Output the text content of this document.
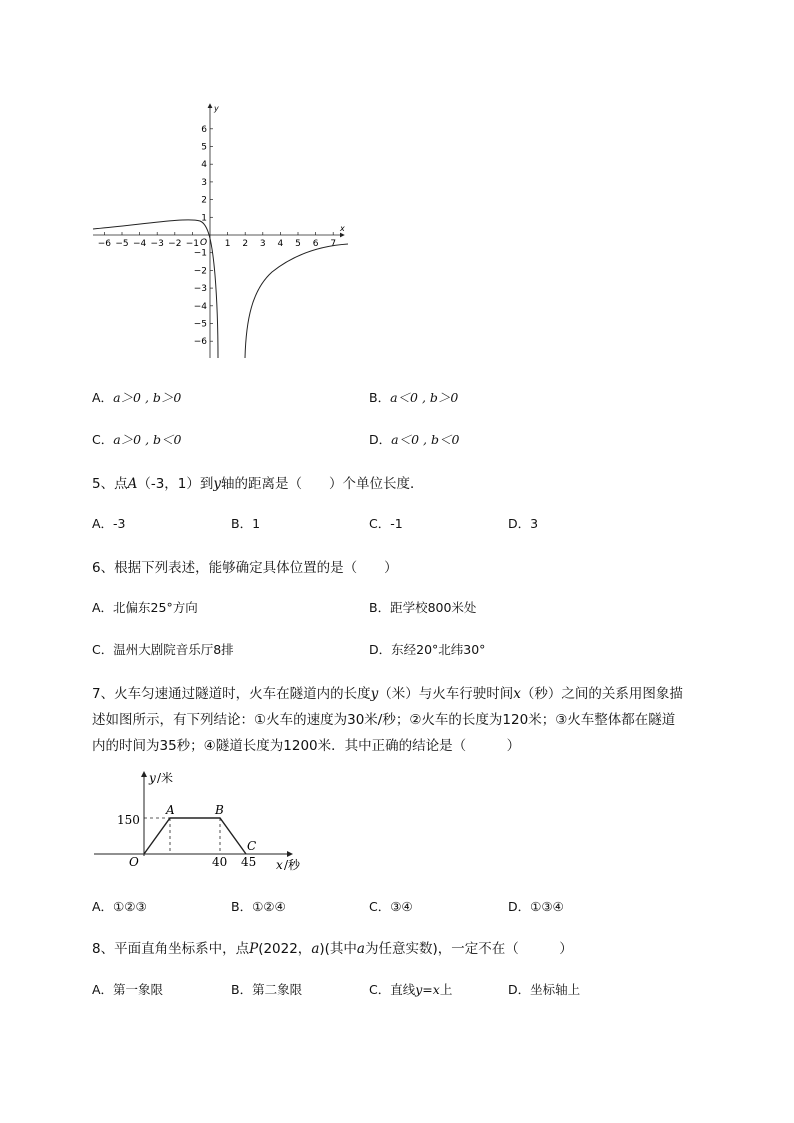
x
y
O
−6 −5 −4 −3 −2 −1	1 2 3 4 5 6 7
6
5
4
3
2
1
−1
−2
−3
−4
−5
−6
A．a＞0 , b＞0	B．a＜0 , b＞0
C．a＞0 , b＜0	D．a＜0 , b＜0
5、点A（-3，1）到y轴的距离是（　　）个单位长度．
A．-3	B．1	C．-1	D．3
6、根据下列表述，能够确定具体位置的是（　　）
A．北偏东25°方向	B．距学校800米处
C．温州大剧院音乐厅8排	D．东经20°北纬30°
7、火车匀速通过隧道时，火车在隧道内的长度y（米）与火车行驶时间x（秒）之间的关系用图象描
述如图所示，有下列结论：①火车的速度为30米/秒；②火车的长度为120米；③火车整体都在隧道
内的时间为35秒；④隧道长度为1200米．其中正确的结论是（　　　）
y /米
x /秒
150
O	40 45
A	B
C
A．①②③	B．①②④	C．③④	D．①③④
8、平面直角坐标系中，点P(2022，a)(其中a为任意实数)，一定不在（　　　）
A．第一象限	B．第二象限	C．直线y=x上	D．坐标轴上
